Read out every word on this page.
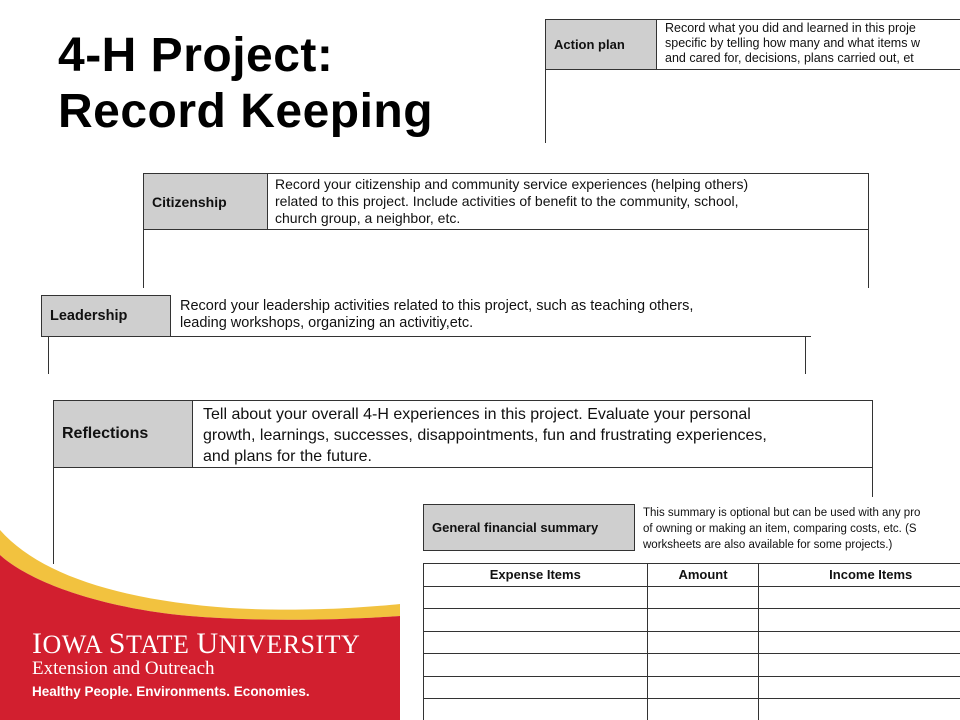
4-H Project:
Record Keeping
Action plan
Record what you did and learned in this proje
specific by telling how many and what items w
and cared for, decisions, plans carried out, et
Citizenship
Record your citizenship and community service experiences (helping others)
related to this project. Include activities of benefit to the community, school,
church group, a neighbor, etc.
Leadership
Record your leadership activities related to this project, such as teaching others,
leading workshops, organizing an activitiy,etc.
Reflections
Tell about your overall 4-H experiences in this project. Evaluate your personal
growth, learnings, successes, disappointments, fun and frustrating experiences,
and plans for the future.
General financial summary
This summary is optional but can be used with any pro
of owning or making an item, comparing costs, etc. (S
worksheets are also available for some projects.)
Expense Items	Amount	Income Items

IOWA STATE UNIVERSITY
Extension and Outreach
Healthy People. Environments. Economies.
